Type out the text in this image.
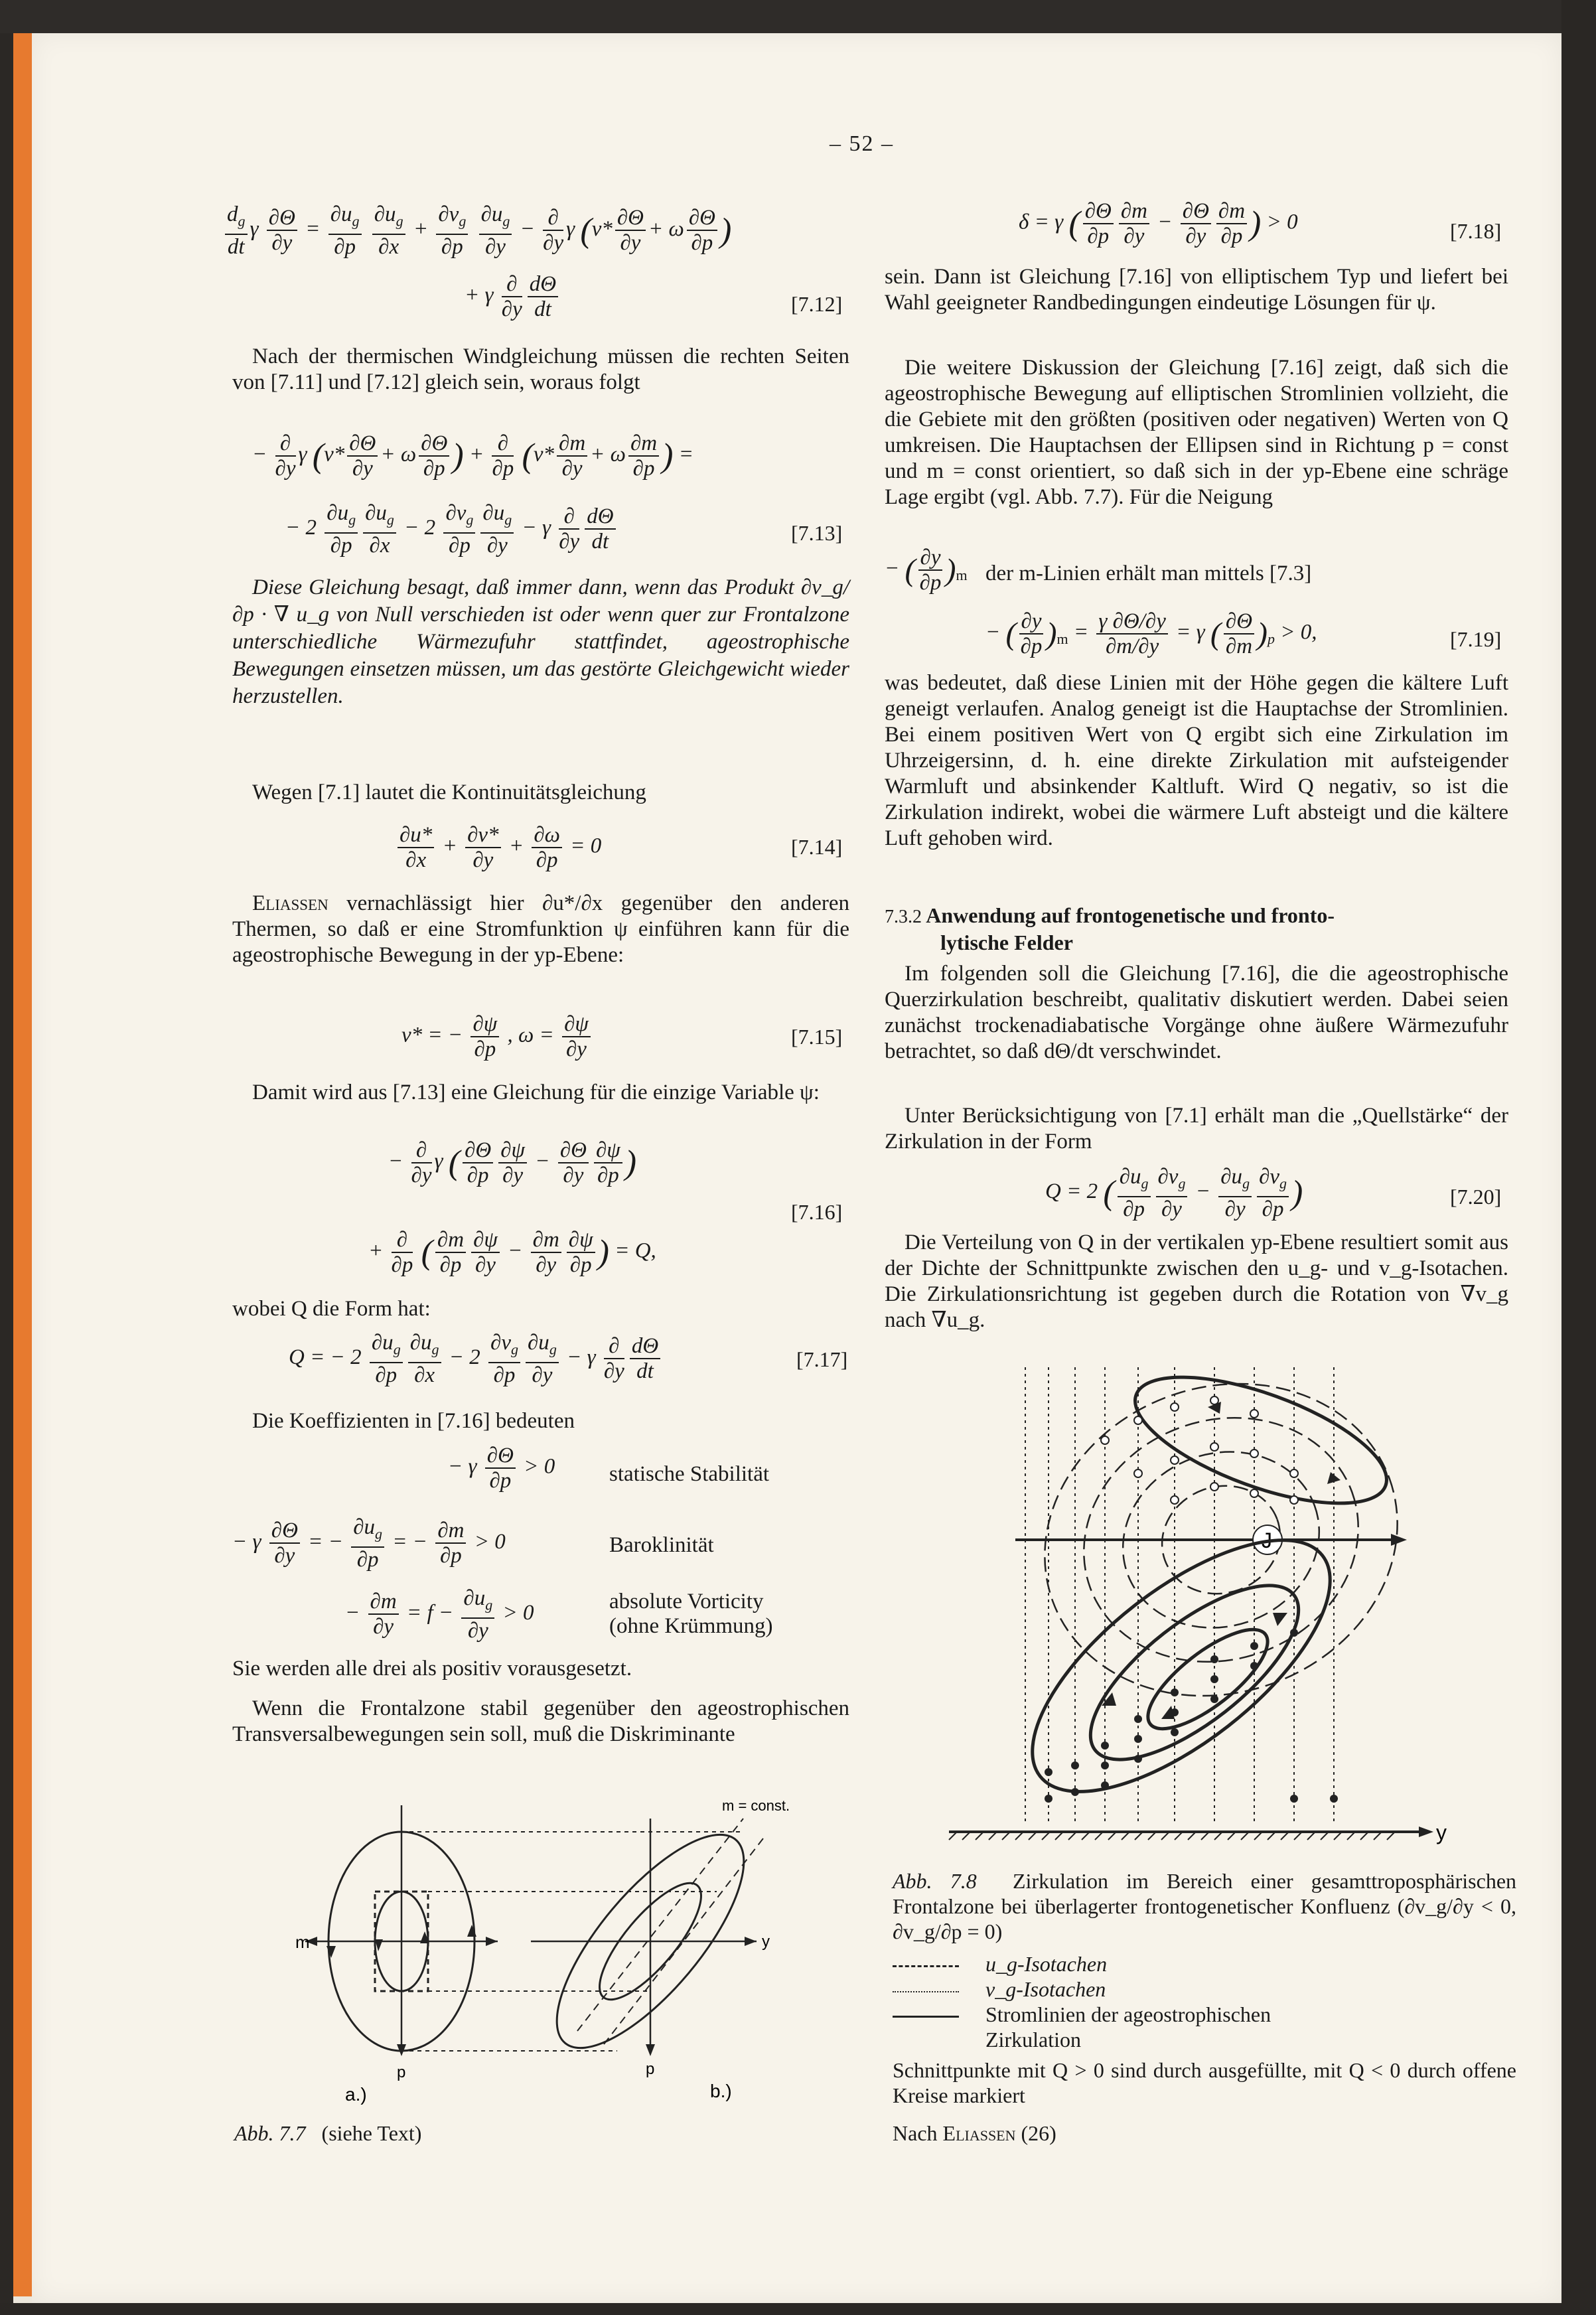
– 52 –
$\frac{d_g}{dt}$ γ $\frac{\partial\Theta}{\partial y} = \frac{\partial u_g}{\partial p}$
$\frac{\partial u_g}{\partial x} + \frac{\partial v_g}{\partial p}$
$\frac{\partial u_g}{\partial y} - \frac{\partial}{\partial y}$ γ ($v* \frac{\partial\Theta}{\partial y} + \omega \frac{\partial\Theta}{\partial p}$ )
+ γ $\frac{\partial}{\partial y} \frac{d\Theta}{dt}$	[7.12]

Nach der thermischen Windgleichung müssen die rechten Seiten von [7.11] und [7.12] gleich sein, woraus folgt

− $\frac{\partial}{\partial y}$ γ ($v* \frac{\partial\Theta}{\partial y} + \omega \frac{\partial\Theta}{\partial p}$ ) + $\frac{\partial}{\partial p} (v* \frac{\partial m}{\partial y} + \omega \frac{\partial m}{\partial p}$ ) =
− $2 \frac{\partial u_g}{\partial p} \frac{\partial u_g}{\partial x} - 2 \frac{\partial v_g}{\partial p} \frac{\partial u_g}{\partial y} - \gamma \frac{\partial}{\partial y} \frac{d\Theta}{dt}$	[7.13]

Diese Gleichung besagt, daß immer dann, wenn das Produkt ∂v_g/∂p · ∇ u_g von Null verschieden ist oder wenn quer zur Frontalzone unterschiedliche Wärmezufuhr stattfindet, ageostrophische Bewegungen einsetzen müssen, um das gestörte Gleichgewicht wieder herzustellen.

Wegen [7.1] lautet die Kontinuitätsgleichung

$\frac{\partial u*}{\partial x} + \frac{\partial v*}{\partial y} + \frac{\partial\omega}{\partial p} = 0$	[7.14]

Eliassen vernachlässigt hier ∂u*/∂x gegenüber den anderen Thermen, so daß er eine Stromfunktion ψ einführen kann für die ageostrophische Bewegung in der yp-Ebene:

v* = − $\frac{\partial\psi}{\partial p}$ , $\omega = \frac{\partial\psi}{\partial y}$	[7.15]

Damit wird aus [7.13] eine Gleichung für die einzige Variable ψ:

− $\frac{\partial}{\partial y}$ γ ( $\frac{\partial\Theta}{\partial p} \frac{\partial\psi}{\partial y} - \frac{\partial\Theta}{\partial y} \frac{\partial\psi}{\partial p}$ )
[7.16]
+ $\frac{\partial}{\partial p}$ ( $\frac{\partial m}{\partial p} \frac{\partial\psi}{\partial y} - \frac{\partial m}{\partial y} \frac{\partial\psi}{\partial p}$ ) = Q,

wobei Q die Form hat:

Q = − $2 \frac{\partial u_g}{\partial p} \frac{\partial u_g}{\partial x} - 2 \frac{\partial v_g}{\partial p} \frac{\partial u_g}{\partial y} - \gamma \frac{\partial}{\partial y} \frac{d\Theta}{dt}$	[7.17]

Die Koeffizienten in [7.16] bedeuten

− γ $\frac{\partial\Theta}{\partial p} > 0$ statische Stabilität
− γ $\frac{\partial\Theta}{\partial y}$ = − $\frac{\partial u_g}{\partial p}$ = − $\frac{\partial m}{\partial p} > 0$	Baroklinität
− $\frac{\partial m}{\partial y} = f - \frac{\partial u_g}{\partial y} > 0$	absolute Vorticity
(ohne Krümmung)

Sie werden alle drei als positiv vorausgesetzt.

Wenn die Frontalzone stabil gegenüber den ageostrophischen Transversalbewegungen sein soll, muß die Diskriminante

m
p	p
y
m = const.
a.)	b.)
Abb. 7.7 (siehe Text)
δ = γ ( $\frac{\partial\Theta}{\partial p} \frac{\partial m}{\partial y} - \frac{\partial\Theta}{\partial y} \frac{\partial m}{\partial p}$ ) > 0	[7.18]

sein. Dann ist Gleichung [7.16] von elliptischem Typ und liefert bei Wahl geeigneter Randbedingungen eindeutige Lösungen für ψ.

Die weitere Diskussion der Gleichung [7.16] zeigt, daß sich die ageostrophische Bewegung auf elliptischen Stromlinien vollzieht, die die Gebiete mit den größten (positiven oder negativen) Werten von Q umkreisen. Die Hauptachsen der Ellipsen sind in Richtung p = const und m = const orientiert, so daß sich in der yp-Ebene eine schräge Lage ergibt (vgl. Abb. 7.7). Für die Neigung

− ( $\frac{\partial y}{\partial p} )_m$ der m-Linien erhält man mittels [7.3]
− ( $\frac{\partial y}{\partial p} )_m = \frac{\gamma \partial\Theta/\partial y}{\partial m/\partial y} = \gamma$ ( $\frac{\partial\Theta}{\partial m} )_p > 0$,	[7.19]

was bedeutet, daß diese Linien mit der Höhe gegen die kältere Luft geneigt verlaufen. Analog geneigt ist die Hauptachse der Stromlinien. Bei einem positiven Wert von Q ergibt sich eine Zirkulation im Uhrzeigersinn, d. h. eine direkte Zirkulation mit aufsteigender Warmluft und absinkender Kaltluft. Wird Q negativ, so ist die Zirkulation indirekt, wobei die wärmere Luft absteigt und die kältere Luft gehoben wird.

7.3.2 Anwendung auf frontogenetische und fronto-
lytische Felder

Im folgenden soll die Gleichung [7.16], die die ageostrophische Querzirkulation beschreibt, qualitativ diskutiert werden. Dabei seien zunächst trockenadiabatische Vorgänge ohne äußere Wärmezufuhr betrachtet, so daß dΘ/dt verschwindet.

Unter Berücksichtigung von [7.1] erhält man die „Quellstärke“ der Zirkulation in der Form

Q = 2 ( $\frac{\partial u_g}{\partial p} \frac{\partial v_g}{\partial y} - \frac{\partial u_g}{\partial y} \frac{\partial v_g}{\partial p}$ )	[7.20]

Die Verteilung von Q in der vertikalen yp-Ebene resultiert somit aus der Dichte der Schnittpunkte zwischen den u_g- und v_g-Isotachen. Die Zirkulationsrichtung ist gegeben durch die Rotation von ∇v_g nach ∇u_g.

J
y
Abb. 7.8 Zirkulation im Bereich einer gesamttroposphärischen Frontalzone bei überlagerter frontogenetischer Konfluenz (∂v_g/∂y < 0, ∂v_g/∂p = 0)
u_g-Isotachen
v_g-Isotachen
Stromlinien der ageostrophischen
Zirkulation
Schnittpunkte mit Q > 0 sind durch ausgefüllte, mit Q < 0 durch offene Kreise markiert
Nach Eliassen (26)
